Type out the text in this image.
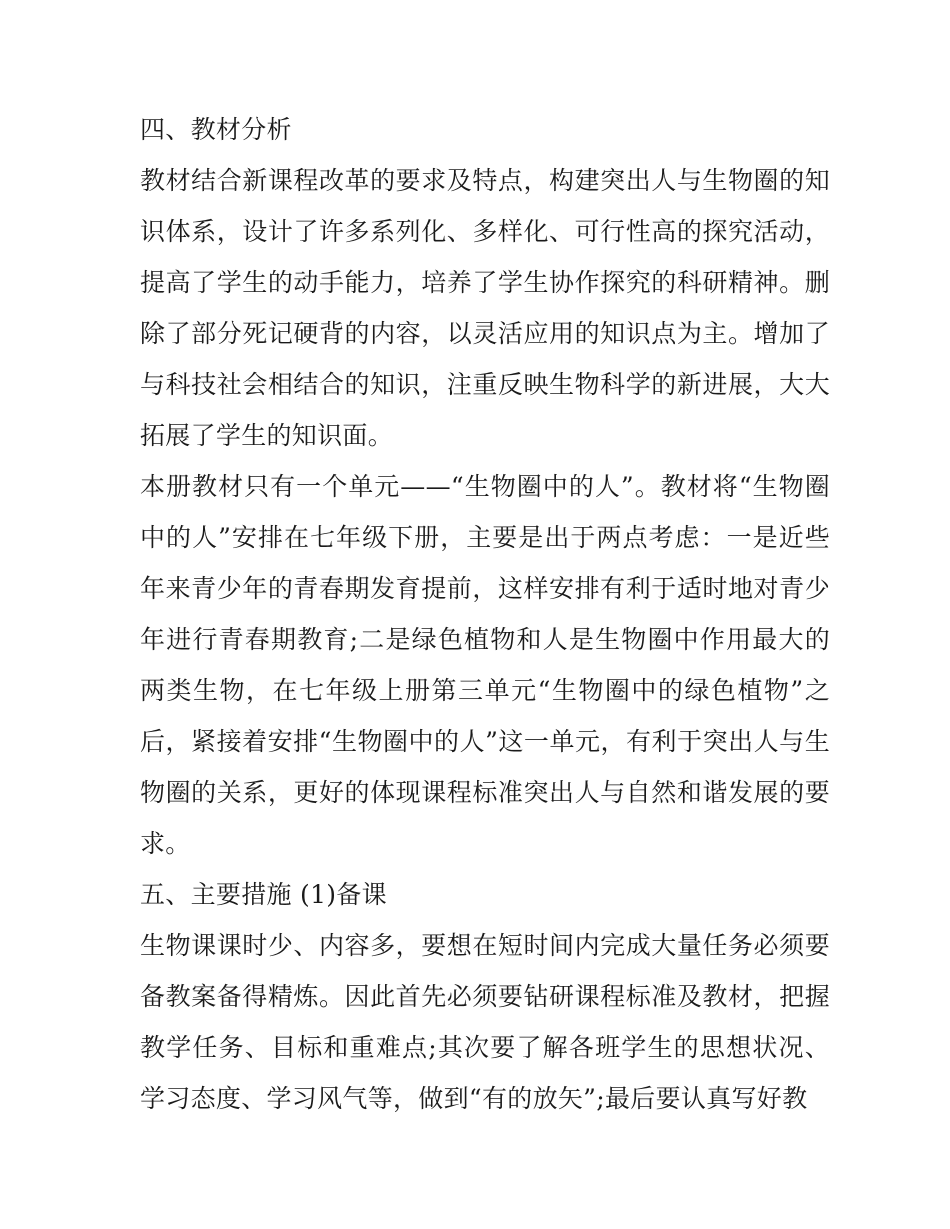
四、教材分析

教材结合新课程改革的要求及特点，构建突出人与生物圈的知识体系，设计了许多系列化、多样化、可行性高的探究活动，提高了学生的动手能力，培养了学生协作探究的科研精神。删除了部分死记硬背的内容，以灵活应用的知识点为主。增加了与科技社会相结合的知识，注重反映生物科学的新进展，大大拓展了学生的知识面。

本册教材只有一个单元——“生物圈中的人”。教材将“生物圈中的人”安排在七年级下册，主要是出于两点考虑：一是近些年来青少年的青春期发育提前，这样安排有利于适时地对青少年进行青春期教育;二是绿色植物和人是生物圈中作用最大的两类生物，在七年级上册第三单元“生物圈中的绿色植物”之后，紧接着安排“生物圈中的人”这一单元，有利于突出人与生物圈的关系，更好的体现课程标准突出人与自然和谐发展的要求。

五、主要措施 (1)备课

生物课课时少、内容多，要想在短时间内完成大量任务必须要备教案备得精炼。因此首先必须要钻研课程标准及教材，把握教学任务、目标和重难点;其次要了解各班学生的思想状况、学习态度、学习风气等，做到“有的放矢”;最后要认真写好教
